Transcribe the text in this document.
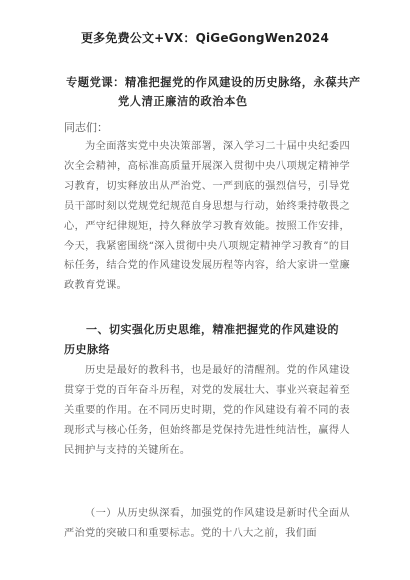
更多免费公文+VX：QiGeGongWen2024
专题党课：精准把握党的作风建设的历史脉络，永葆共产
党人清正廉洁的政治本色
同志们：
为全面落实党中央决策部署，深入学习二十届中央纪委四次全会精神，高标准高质量开展深入贯彻中央八项规定精神学习教育，切实释放出从严治党、一严到底的强烈信号，引导党员干部时刻以党规党纪规范自身思想与行动，始终秉持敬畏之心，严守纪律规矩，持久释放学习教育效能。按照工作安排，今天，我紧密围绕“深入贯彻中央八项规定精神学习教育”的目标任务，结合党的作风建设发展历程等内容，给大家讲一堂廉政教育党课。
一、切实强化历史思维，精准把握党的作风建设的历史脉络
历史是最好的教科书，也是最好的清醒剂。党的作风建设贯穿于党的百年奋斗历程，对党的发展壮大、事业兴衰起着至关重要的作用。在不同历史时期，党的作风建设有着不同的表现形式与核心任务，但始终都是党保持先进性纯洁性，赢得人民拥护与支持的关键所在。
（一）从历史纵深看，加强党的作风建设是新时代全面从严治党的突破口和重要标志。党的十八大之前，我们面
